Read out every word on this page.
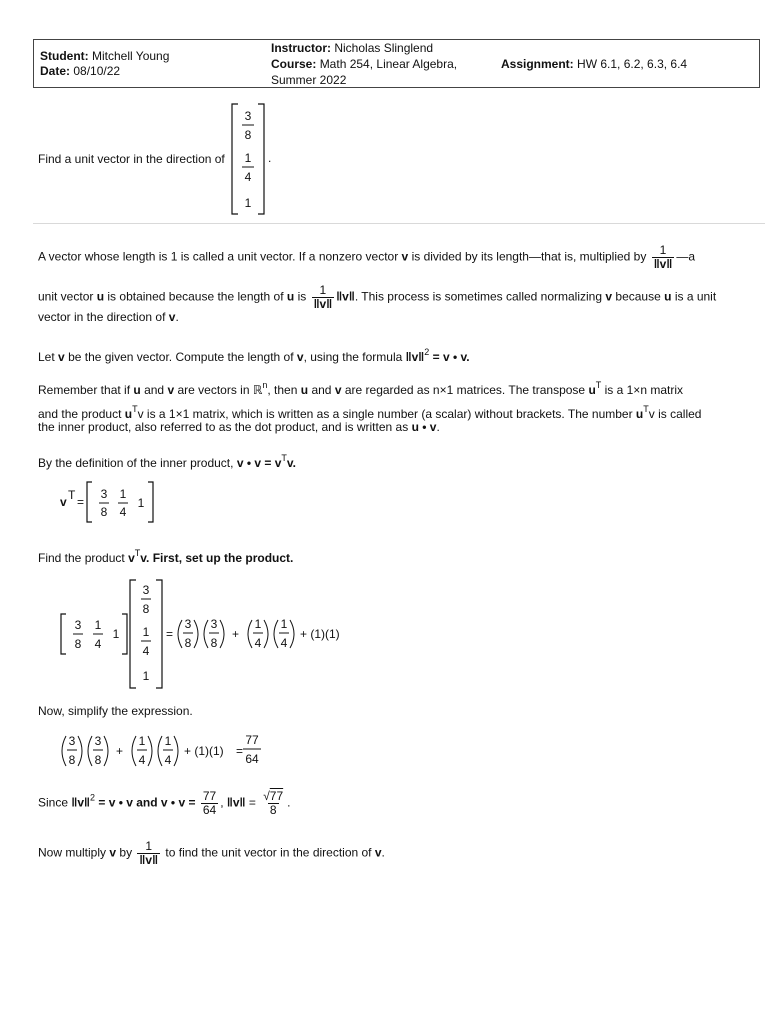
Student: Mitchell Young
Date: 08/10/22
Instructor: Nicholas Slinglend
Course: Math 254, Linear Algebra,
Summer 2022
Assignment: HW 6.1, 6.2, 6.3, 6.4
Find a unit vector in the direction of
3
8
1
4
1
.
A vector whose length is 1 is called a unit vector. If a nonzero vector v is divided by its length—that is, multiplied by $\frac{1}{‖v‖}$ —a
unit vector u is obtained because the length of u is $\frac{1}{‖v‖}$ ‖v‖. This process is sometimes called normalizing v because u is a unit
vector in the direction of v.
Let v be the given vector. Compute the length of v, using the formula ‖v‖$^2$ = v • v.
Remember that if u and v are vectors in ℝ$^n$, then u and v are regarded as n×1 matrices. The transpose $u^T$ is a 1×n matrix
and the product $u^Tv$ is a 1×1 matrix, which is written as a single number (a scalar) without brackets. The number $u^Tv$ is called
the inner product, also referred to as the dot product, and is written as u • v.
By the definition of the inner product, v • $v = v^Tv$.
v T =
3
8
1
4
1
Find the product $v^Tv$. First, set up the product.
3
8
1
4
1
3
8
1
4
1
=
3
8
3
8
+
1
4
1
4
+ (1)(1)
Now, simplify the expression.
3
8
3
8
+
1
4
1
4
+ (1)(1) =
77
64
Since ‖v‖$^2$ = v • v and v • $v = \frac{77}{64}$ , ‖v‖ = $\frac{√77}{8}$ .
Now multiply v by $\frac{1}{‖v‖}$ to find the unit vector in the direction of v.
